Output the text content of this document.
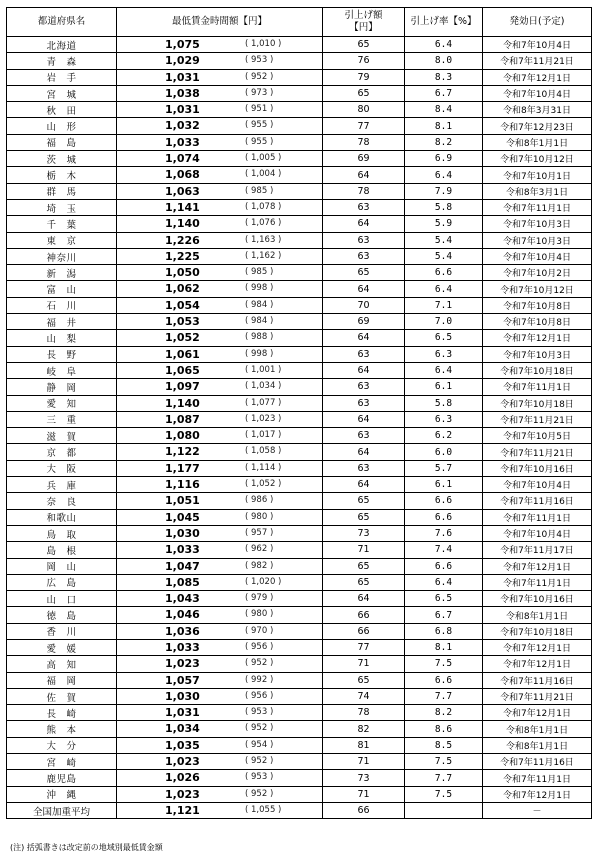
都道府県名	最低賃金時間額【円】	引上げ額
【円】	引上げ率【%】	発効日(予定)
北海道	1,075 ( 1,010 )	65	6.4	令和7年10月4日
青　森	1,029 ( 953 )	76	8.0	令和7年11月21日
岩　手	1,031 ( 952 )	79	8.3	令和7年12月1日
宮　城	1,038 ( 973 )	65	6.7	令和7年10月4日
秋　田	1,031 ( 951 )	80	8.4	令和8年3月31日
山　形	1,032 ( 955 )	77	8.1	令和7年12月23日
福　島	1,033 ( 955 )	78	8.2	令和8年1月1日
茨　城	1,074 ( 1,005 )	69	6.9	令和7年10月12日
栃　木	1,068 ( 1,004 )	64	6.4	令和7年10月1日
群　馬	1,063 ( 985 )	78	7.9	令和8年3月1日
埼　玉	1,141 ( 1,078 )	63	5.8	令和7年11月1日
千　葉	1,140 ( 1,076 )	64	5.9	令和7年10月3日
東　京	1,226 ( 1,163 )	63	5.4	令和7年10月3日
神奈川	1,225 ( 1,162 )	63	5.4	令和7年10月4日
新　潟	1,050 ( 985 )	65	6.6	令和7年10月2日
富　山	1,062 ( 998 )	64	6.4	令和7年10月12日
石　川	1,054 ( 984 )	70	7.1	令和7年10月8日
福　井	1,053 ( 984 )	69	7.0	令和7年10月8日
山　梨	1,052 ( 988 )	64	6.5	令和7年12月1日
長　野	1,061 ( 998 )	63	6.3	令和7年10月3日
岐　阜	1,065 ( 1,001 )	64	6.4	令和7年10月18日
静　岡	1,097 ( 1,034 )	63	6.1	令和7年11月1日
愛　知	1,140 ( 1,077 )	63	5.8	令和7年10月18日
三　重	1,087 ( 1,023 )	64	6.3	令和7年11月21日
滋　賀	1,080 ( 1,017 )	63	6.2	令和7年10月5日
京　都	1,122 ( 1,058 )	64	6.0	令和7年11月21日
大　阪	1,177 ( 1,114 )	63	5.7	令和7年10月16日
兵　庫	1,116 ( 1,052 )	64	6.1	令和7年10月4日
奈　良	1,051 ( 986 )	65	6.6	令和7年11月16日
和歌山	1,045 ( 980 )	65	6.6	令和7年11月1日
鳥　取	1,030 ( 957 )	73	7.6	令和7年10月4日
島　根	1,033 ( 962 )	71	7.4	令和7年11月17日
岡　山	1,047 ( 982 )	65	6.6	令和7年12月1日
広　島	1,085 ( 1,020 )	65	6.4	令和7年11月1日
山　口	1,043 ( 979 )	64	6.5	令和7年10月16日
徳　島	1,046 ( 980 )	66	6.7	令和8年1月1日
香　川	1,036 ( 970 )	66	6.8	令和7年10月18日
愛　媛	1,033 ( 956 )	77	8.1	令和7年12月1日
高　知	1,023 ( 952 )	71	7.5	令和7年12月1日
福　岡	1,057 ( 992 )	65	6.6	令和7年11月16日
佐　賀	1,030 ( 956 )	74	7.7	令和7年11月21日
長　崎	1,031 ( 953 )	78	8.2	令和7年12月1日
熊　本	1,034 ( 952 )	82	8.6	令和8年1月1日
大　分	1,035 ( 954 )	81	8.5	令和8年1月1日
宮　崎	1,023 ( 952 )	71	7.5	令和7年11月16日
鹿児島	1,026 ( 953 )	73	7.7	令和7年11月1日
沖　縄	1,023 ( 952 )	71	7.5	令和7年12月1日
全国加重平均	1,121 ( 1,055 )	66		－
(注) 括弧書きは改定前の地域別最低賃金額
